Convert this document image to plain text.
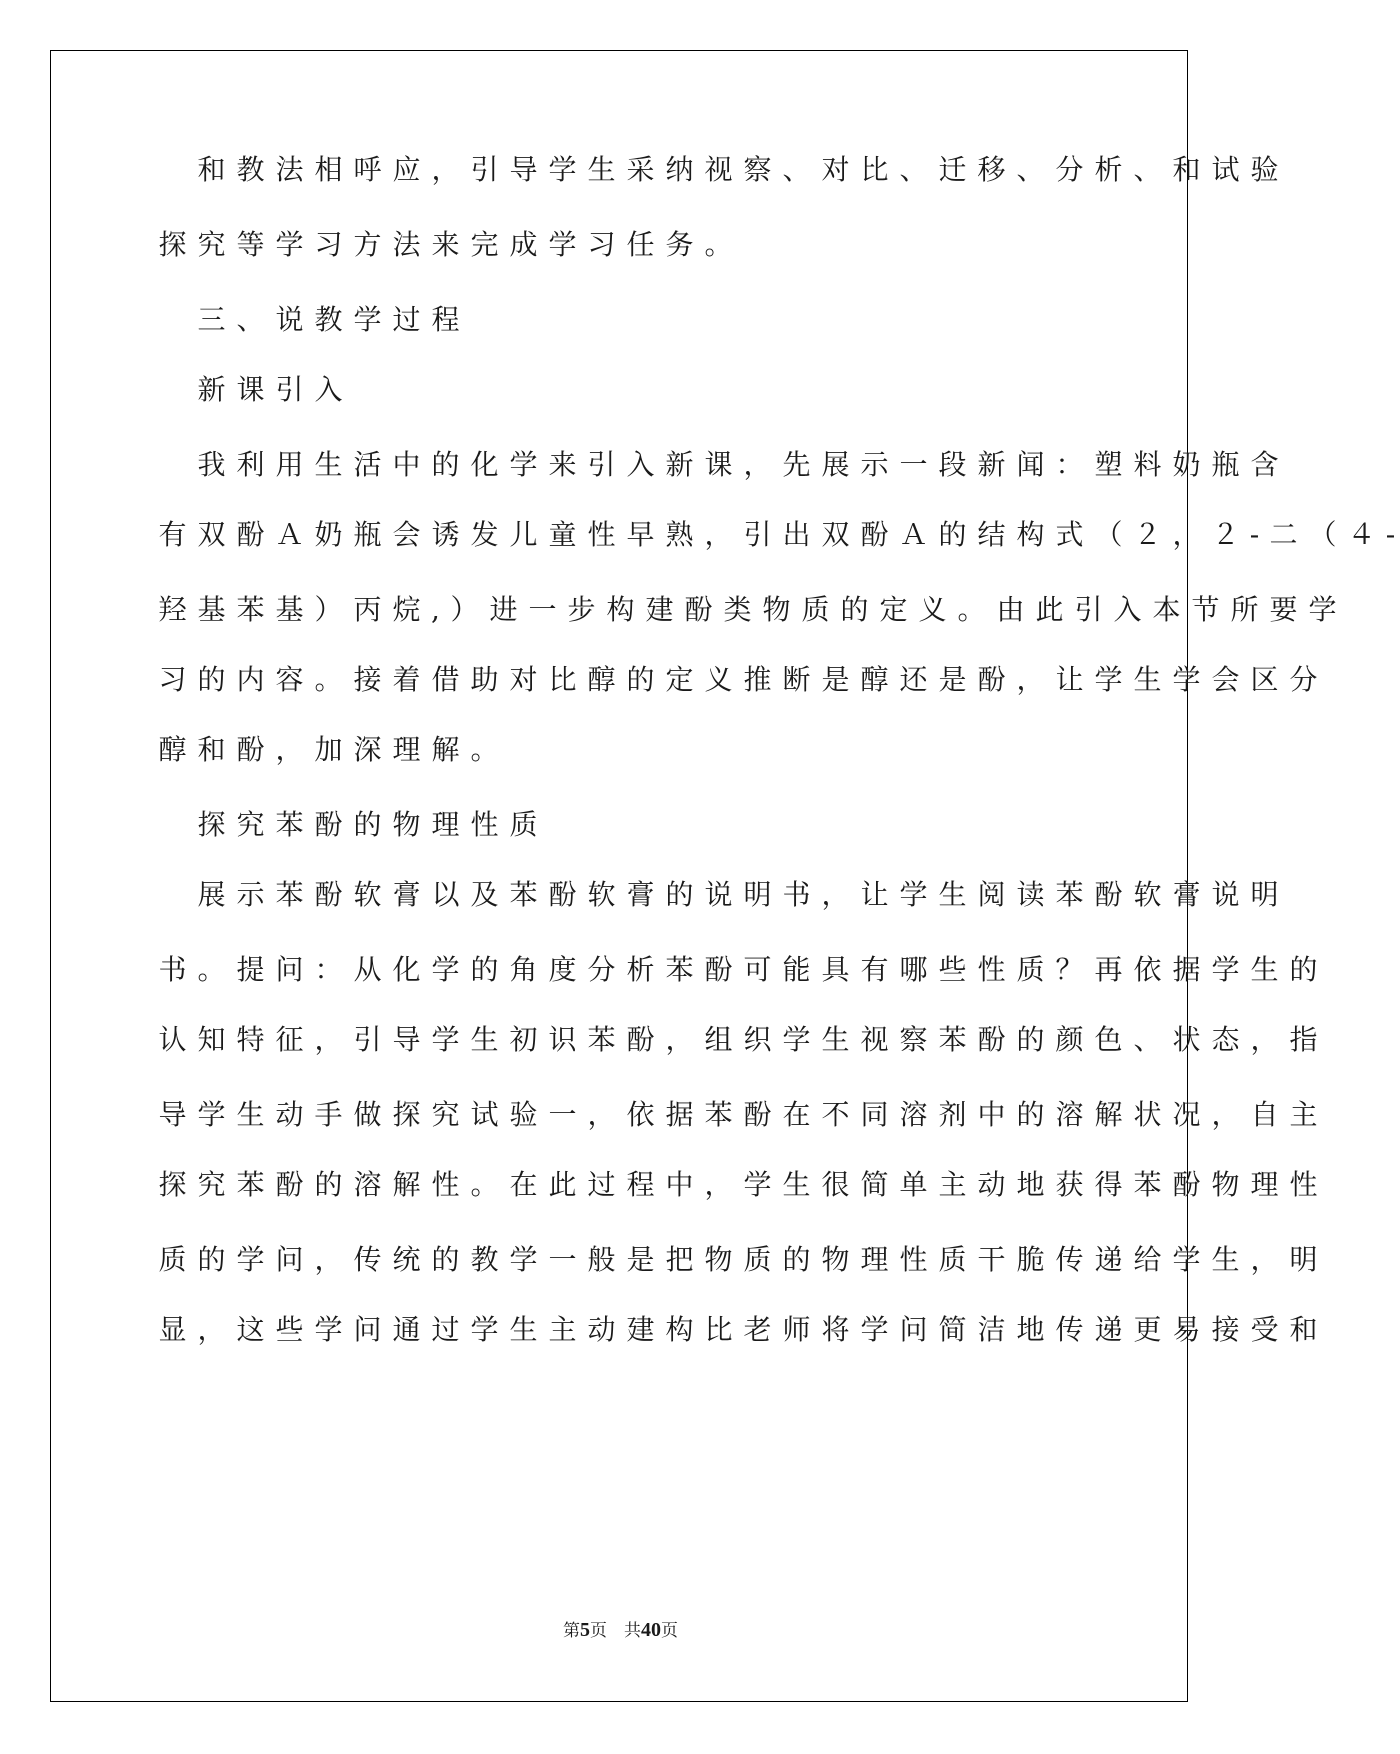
和 教 法 相 呼 应 ， 引 导 学 生 采 纳 视 察 、 对 比 、 迁 移 、 分 析 、 和 试 验
探 究 等 学 习 方 法 来 完 成 学 习 任 务 。
三 、 说 教 学 过 程
新 课 引 入
我 利 用 生 活 中 的 化 学 来 引 入 新 课 ， 先 展 示 一 段 新 闻 ： 塑 料 奶 瓶 含
有 双 酚 Ａ 奶 瓶 会 诱 发 儿 童 性 早 熟 ， 引 出 双 酚 Ａ 的 结 构 式 （ ２ ， ２ - 二 （ ４ -
羟 基 苯 基 ） 丙 烷 , ） 进 一 步 构 建 酚 类 物 质 的 定 义 。 由 此 引 入 本 节 所 要 学
习 的 内 容 。 接 着 借 助 对 比 醇 的 定 义 推 断 是 醇 还 是 酚 ， 让 学 生 学 会 区 分
醇 和 酚 ， 加 深 理 解 。
探 究 苯 酚 的 物 理 性 质
展 示 苯 酚 软 膏 以 及 苯 酚 软 膏 的 说 明 书 ， 让 学 生 阅 读 苯 酚 软 膏 说 明
书 。 提 问 ： 从 化 学 的 角 度 分 析 苯 酚 可 能 具 有 哪 些 性 质 ？ 再 依 据 学 生 的
认 知 特 征 ， 引 导 学 生 初 识 苯 酚 ， 组 织 学 生 视 察 苯 酚 的 颜 色 、 状 态 ， 指
导 学 生 动 手 做 探 究 试 验 一 ， 依 据 苯 酚 在 不 同 溶 剂 中 的 溶 解 状 况 ， 自 主
探 究 苯 酚 的 溶 解 性 。 在 此 过 程 中 ， 学 生 很 简 单 主 动 地 获 得 苯 酚 物 理 性
质 的 学 问 ， 传 统 的 教 学 一 般 是 把 物 质 的 物 理 性 质 干 脆 传 递 给 学 生 ， 明
显 ， 这 些 学 问 通 过 学 生 主 动 建 构 比 老 师 将 学 问 简 洁 地 传 递 更 易 接 受 和
第5页　共40页
